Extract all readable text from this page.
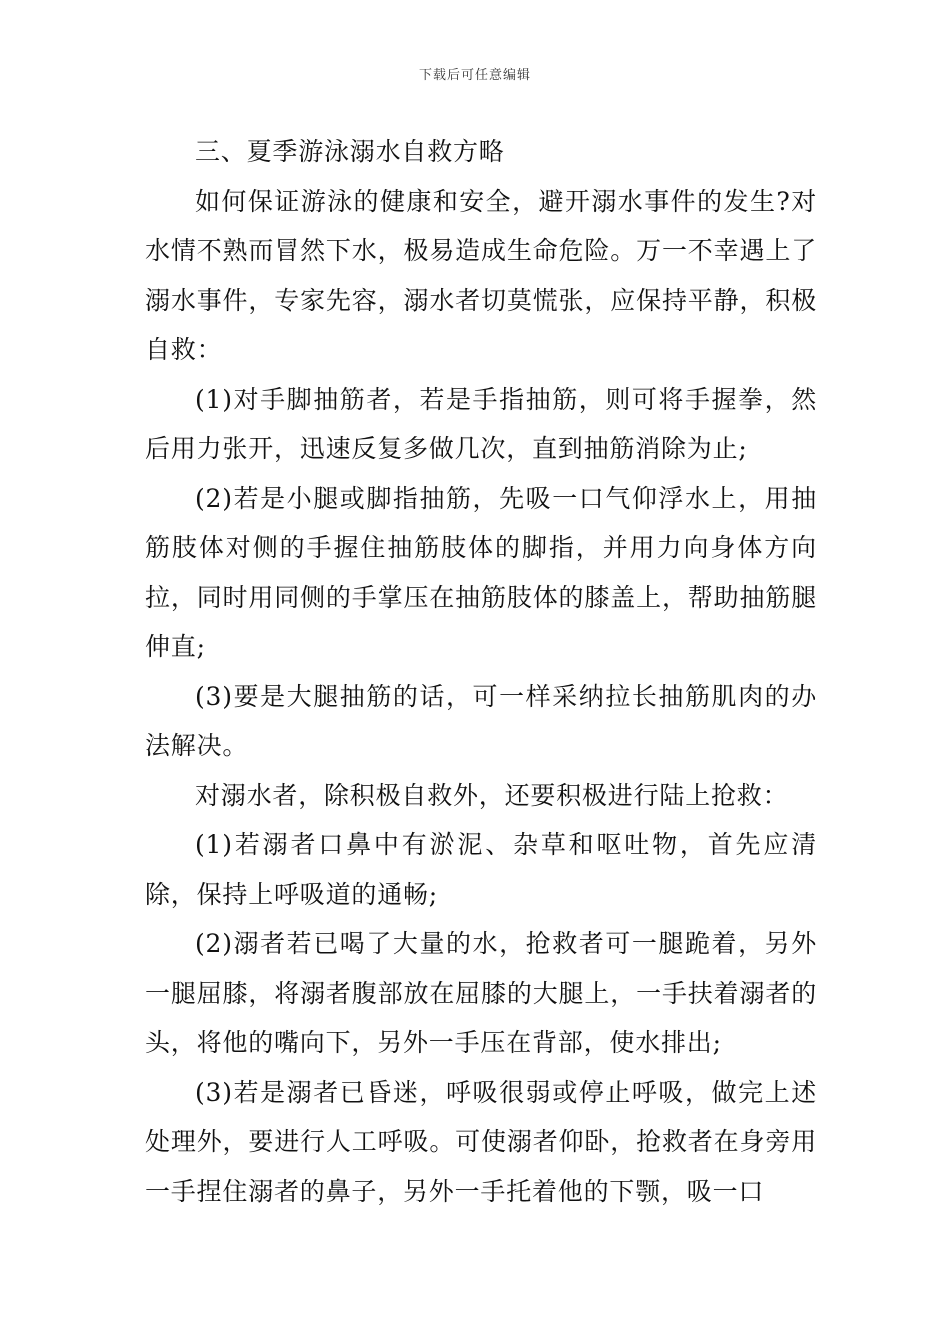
下载后可任意编辑

三、夏季游泳溺水自救方略

如何保证游泳的健康和安全，避开溺水事件的发生?对水情不熟而冒然下水，极易造成生命危险。万一不幸遇上了溺水事件，专家先容，溺水者切莫慌张，应保持平静，积极自救：

(1)对手脚抽筋者，若是手指抽筋，则可将手握拳，然后用力张开，迅速反复多做几次，直到抽筋消除为止;

(2)若是小腿或脚指抽筋，先吸一口气仰浮水上，用抽筋肢体对侧的手握住抽筋肢体的脚指，并用力向身体方向拉，同时用同侧的手掌压在抽筋肢体的膝盖上，帮助抽筋腿伸直;

(3)要是大腿抽筋的话，可一样采纳拉长抽筋肌肉的办法解决。

对溺水者，除积极自救外，还要积极进行陆上抢救：

(1)若溺者口鼻中有淤泥、杂草和呕吐物，首先应清除，保持上呼吸道的通畅;

(2)溺者若已喝了大量的水，抢救者可一腿跪着，另外一腿屈膝，将溺者腹部放在屈膝的大腿上，一手扶着溺者的头，将他的嘴向下，另外一手压在背部，使水排出;

(3)若是溺者已昏迷，呼吸很弱或停止呼吸，做完上述处理外，要进行人工呼吸。可使溺者仰卧，抢救者在身旁用一手捏住溺者的鼻子，另外一手托着他的下颚，吸一口
